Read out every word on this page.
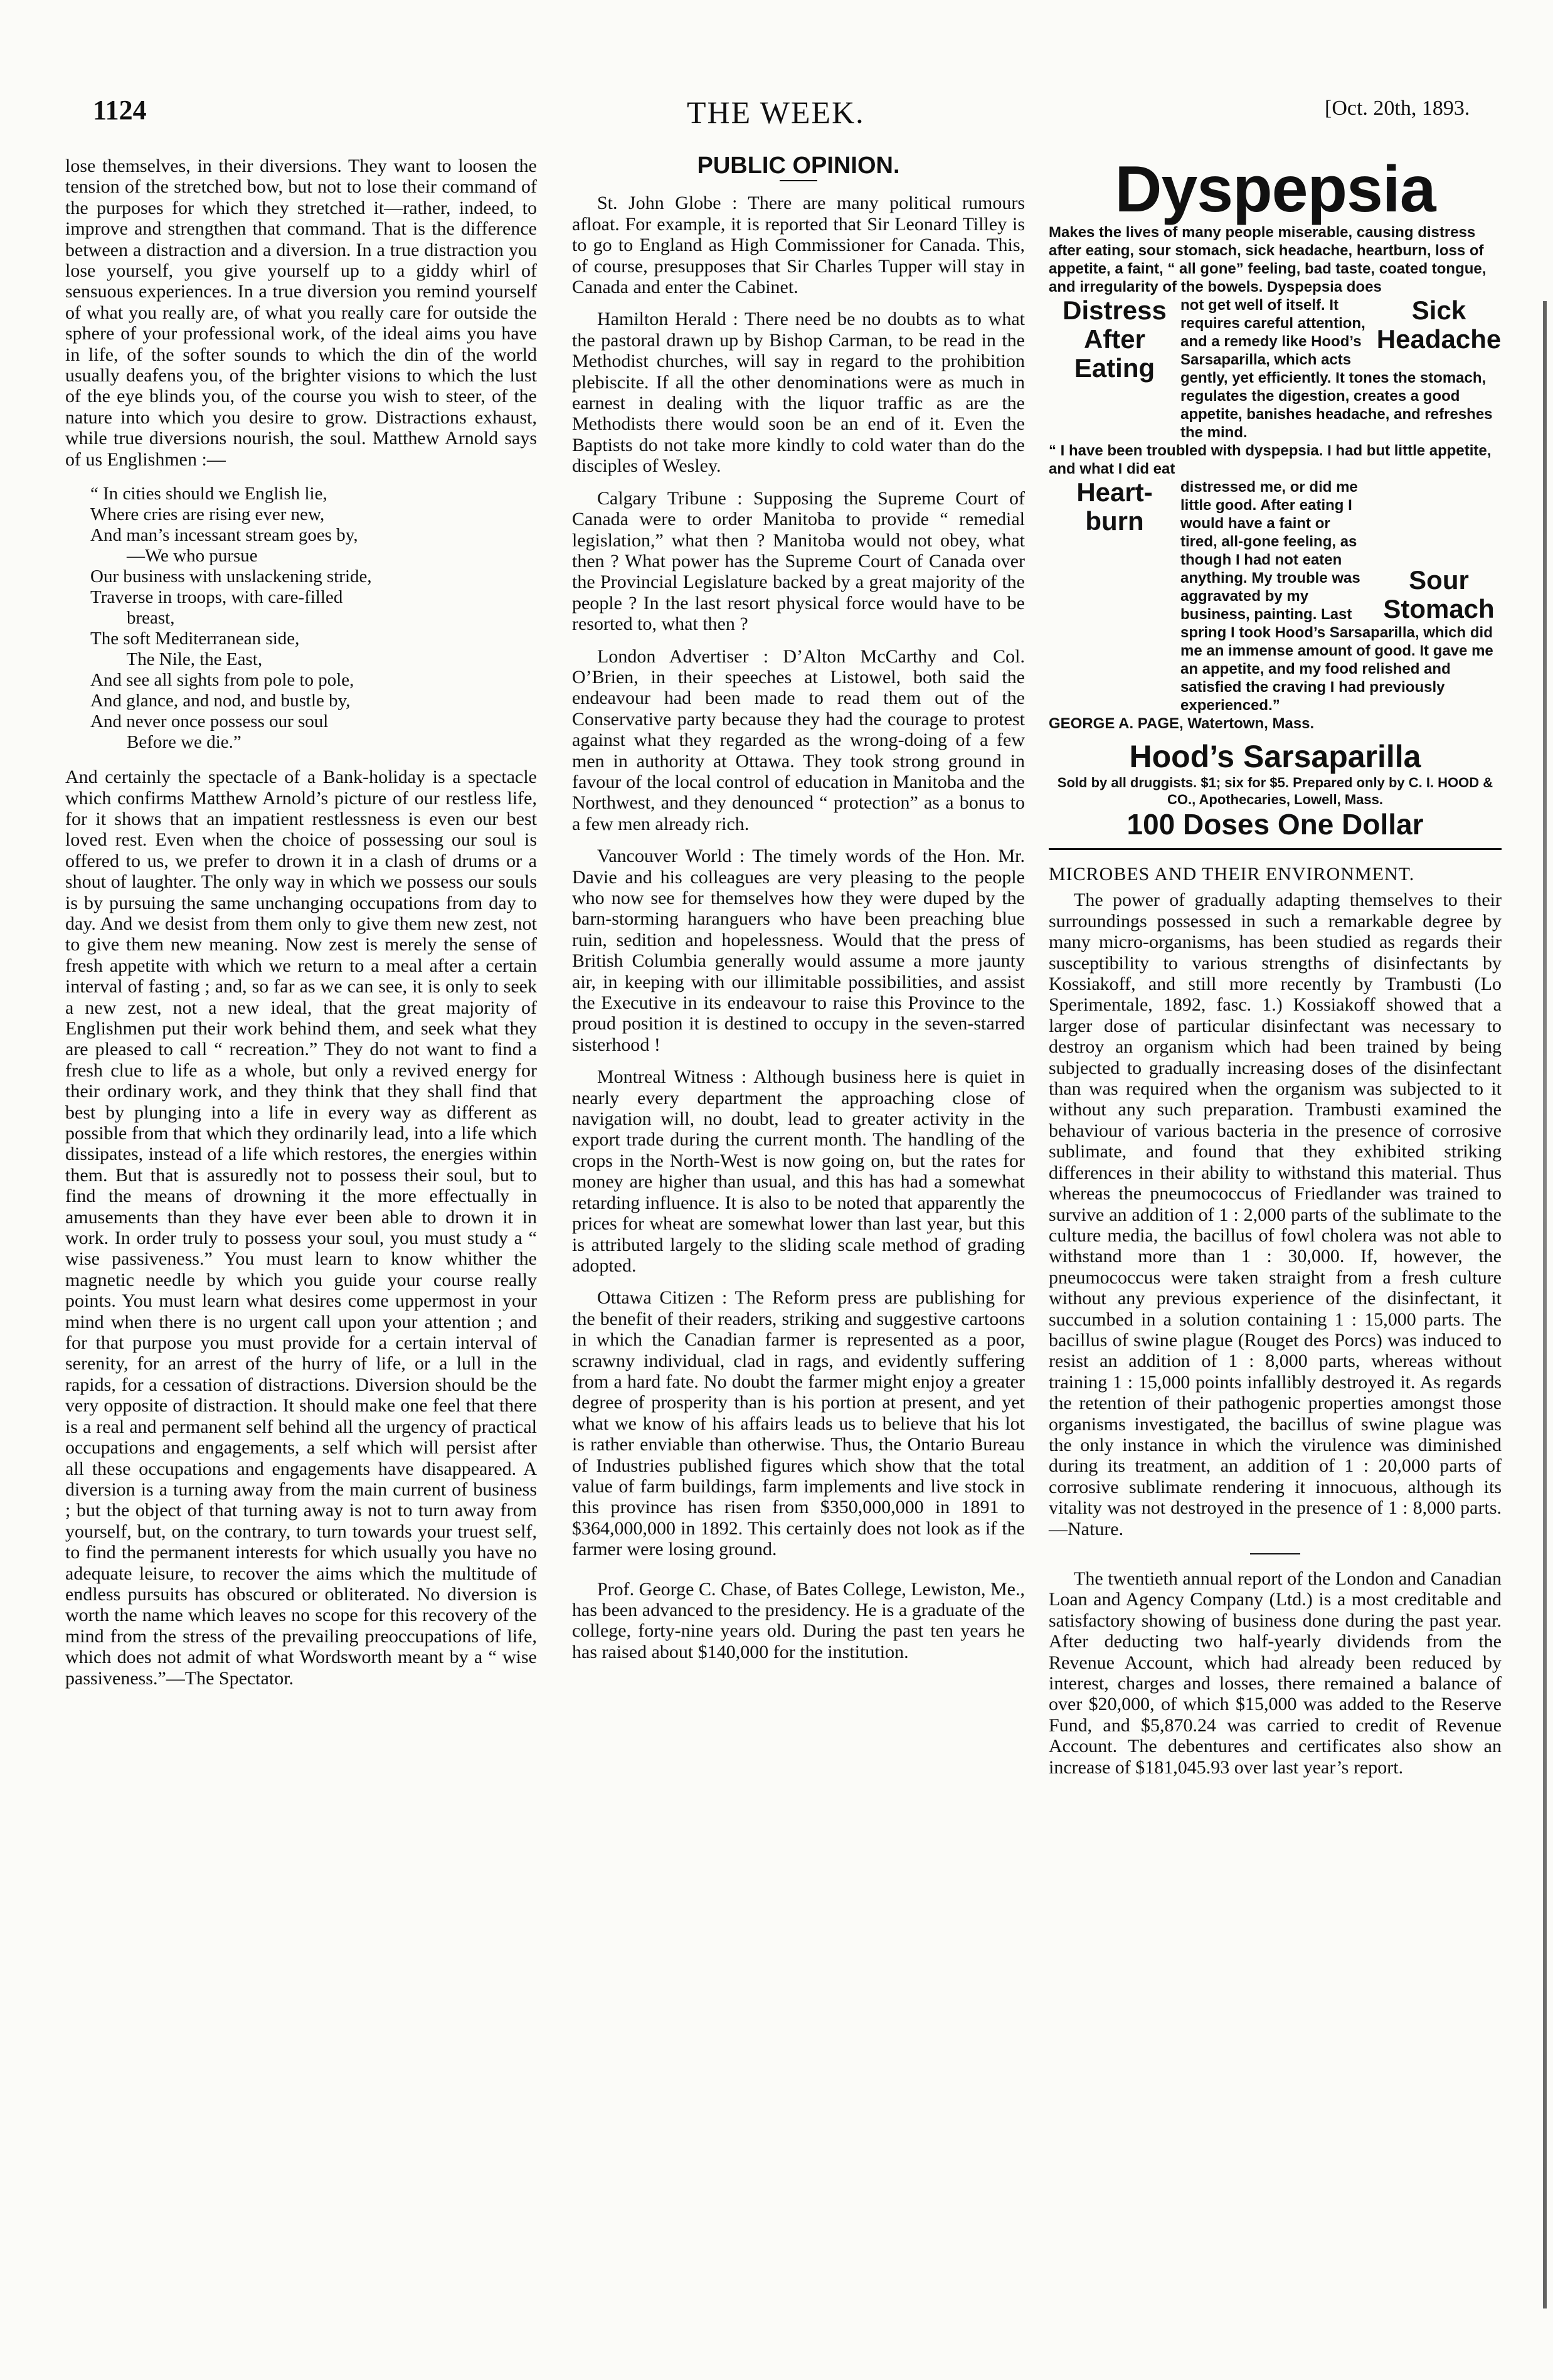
1124	THE WEEK.	[Oct. 20th, 1893.

lose themselves, in their diversions. They want to loosen the tension of the stretched bow, but not to lose their command of the purposes for which they stretched it—rather, indeed, to improve and strengthen that command. That is the difference between a distraction and a diversion. In a true distraction you lose yourself, you give yourself up to a giddy whirl of sensuous experiences. In a true diversion you remind yourself of what you really are, of what you really care for outside the sphere of your professional work, of the ideal aims you have in life, of the softer sounds to which the din of the world usually deafens you, of the brighter visions to which the lust of the eye blinds you, of the course you wish to steer, of the nature into which you desire to grow. Distractions exhaust, while true diversions nourish, the soul. Matthew Arnold says of us Englishmen :—

“ In cities should we English lie,
Where cries are rising ever new,
And man’s incessant stream goes by,
—We who pursue
Our business with unslackening stride,
Traverse in troops, with care-filled
breast,
The soft Mediterranean side,
The Nile, the East,
And see all sights from pole to pole,
And glance, and nod, and bustle by,
And never once possess our soul
Before we die.”

And certainly the spectacle of a Bank-holiday is a spectacle which confirms Matthew Arnold’s picture of our restless life, for it shows that an impatient restlessness is even our best loved rest. Even when the choice of possessing our soul is offered to us, we prefer to drown it in a clash of drums or a shout of laughter. The only way in which we possess our souls is by pursuing the same unchanging occupations from day to day. And we desist from them only to give them new zest, not to give them new meaning. Now zest is merely the sense of fresh appetite with which we return to a meal after a certain interval of fasting ; and, so far as we can see, it is only to seek a new zest, not a new ideal, that the great majority of Englishmen put their work behind them, and seek what they are pleased to call “ recreation.” They do not want to find a fresh clue to life as a whole, but only a revived energy for their ordinary work, and they think that they shall find that best by plunging into a life in every way as different as possible from that which they ordinarily lead, into a life which dissipates, instead of a life which restores, the energies within them. But that is assuredly not to possess their soul, but to find the means of drowning it the more effectually in amusements than they have ever been able to drown it in work. In order truly to possess your soul, you must study a “ wise passiveness.” You must learn to know whither the magnetic needle by which you guide your course really points. You must learn what desires come uppermost in your mind when there is no urgent call upon your attention ; and for that purpose you must provide for a certain interval of serenity, for an arrest of the hurry of life, or a lull in the rapids, for a cessation of distractions. Diversion should be the very opposite of distraction. It should make one feel that there is a real and permanent self behind all the urgency of practical occupations and engagements, a self which will persist after all these occupations and engagements have disappeared. A diversion is a turning away from the main current of business ; but the object of that turning away is not to turn away from yourself, but, on the contrary, to turn towards your truest self, to find the permanent interests for which usually you have no adequate leisure, to recover the aims which the multitude of endless pursuits has obscured or obliterated. No diversion is worth the name which leaves no scope for this recovery of the mind from the stress of the prevailing preoccupations of life, which does not admit of what Wordsworth meant by a “ wise passiveness.”—The Spectator.

PUBLIC OPINION.

St. John Globe : There are many political rumours afloat. For example, it is reported that Sir Leonard Tilley is to go to England as High Commissioner for Canada. This, of course, presupposes that Sir Charles Tupper will stay in Canada and enter the Cabinet.

Hamilton Herald : There need be no doubts as to what the pastoral drawn up by Bishop Carman, to be read in the Methodist churches, will say in regard to the prohibition plebiscite. If all the other denominations were as much in earnest in dealing with the liquor traffic as are the Methodists there would soon be an end of it. Even the Baptists do not take more kindly to cold water than do the disciples of Wesley.

Calgary Tribune : Supposing the Supreme Court of Canada were to order Manitoba to provide “ remedial legislation,” what then ? Manitoba would not obey, what then ? What power has the Supreme Court of Canada over the Provincial Legislature backed by a great majority of the people ? In the last resort physical force would have to be resorted to, what then ?

London Advertiser : D’Alton McCarthy and Col. O’Brien, in their speeches at Listowel, both said the endeavour had been made to read them out of the Conservative party because they had the courage to protest against what they regarded as the wrong-doing of a few men in authority at Ottawa. They took strong ground in favour of the local control of education in Manitoba and the Northwest, and they denounced “ protection” as a bonus to a few men already rich.

Vancouver World : The timely words of the Hon. Mr. Davie and his colleagues are very pleasing to the people who now see for themselves how they were duped by the barn-storming haranguers who have been preaching blue ruin, sedition and hopelessness. Would that the press of British Columbia generally would assume a more jaunty air, in keeping with our illimitable possibilities, and assist the Executive in its endeavour to raise this Province to the proud position it is destined to occupy in the seven-starred sisterhood !

Montreal Witness : Although business here is quiet in nearly every department the approaching close of navigation will, no doubt, lead to greater activity in the export trade during the current month. The handling of the crops in the North-West is now going on, but the rates for money are higher than usual, and this has had a somewhat retarding influence. It is also to be noted that apparently the prices for wheat are somewhat lower than last year, but this is attributed largely to the sliding scale method of grading adopted.

Ottawa Citizen : The Reform press are publishing for the benefit of their readers, striking and suggestive cartoons in which the Canadian farmer is represented as a poor, scrawny individual, clad in rags, and evidently suffering from a hard fate. No doubt the farmer might enjoy a greater degree of prosperity than is his portion at present, and yet what we know of his affairs leads us to believe that his lot is rather enviable than otherwise. Thus, the Ontario Bureau of Industries published figures which show that the total value of farm buildings, farm implements and live stock in this province has risen from $350,000,000 in 1891 to $364,000,000 in 1892. This certainly does not look as if the farmer were losing ground.

Prof. George C. Chase, of Bates College, Lewiston, Me., has been advanced to the presidency. He is a graduate of the college, forty-nine years old. During the past ten years he has raised about $140,000 for the institution.

Dyspepsia
Makes the lives of many people miserable, causing distress after eating, sour stomach, sick headache, heartburn, loss of appetite, a faint, “ all gone” feeling, bad taste, coated tongue, and irregularity of the bowels. Dyspepsia does
Distress After Eating
Sick Headache
not get well of itself. It requires careful attention, and a remedy like Hood’s Sarsaparilla, which acts gently, yet efficiently. It tones the stomach, regulates the digestion, creates a good appetite, banishes headache, and refreshes the mind.
“ I have been troubled with dyspepsia. I had but little appetite, and what I did eat
Heart-burn
Sour Stomach
distressed me, or did me little good. After eating I would have a faint or tired, all-gone feeling, as though I had not eaten anything. My trouble was aggravated by my business, painting. Last spring I took Hood’s Sarsaparilla, which did me an immense amount of good. It gave me an appetite, and my food relished and satisfied the craving I had previously experienced.”
GEORGE A. PAGE, Watertown, Mass.
Hood’s Sarsaparilla
Sold by all druggists. $1; six for $5. Prepared only by C. I. HOOD & CO., Apothecaries, Lowell, Mass.
100 Doses One Dollar
MICROBES AND THEIR ENVIRONMENT.

The power of gradually adapting themselves to their surroundings possessed in such a remarkable degree by many micro-organisms, has been studied as regards their susceptibility to various strengths of disinfectants by Kossiakoff, and still more recently by Trambusti (Lo Sperimentale, 1892, fasc. 1.) Kossiakoff showed that a larger dose of particular disinfectant was necessary to destroy an organism which had been trained by being subjected to gradually increasing doses of the disinfectant than was required when the organism was subjected to it without any such preparation. Trambusti examined the behaviour of various bacteria in the presence of corrosive sublimate, and found that they exhibited striking differences in their ability to withstand this material. Thus whereas the pneumococcus of Friedlander was trained to survive an addition of 1 : 2,000 parts of the sublimate to the culture media, the bacillus of fowl cholera was not able to withstand more than 1 : 30,000. If, however, the pneumococcus were taken straight from a fresh culture without any previous experience of the disinfectant, it succumbed in a solution containing 1 : 15,000 parts. The bacillus of swine plague (Rouget des Porcs) was induced to resist an addition of 1 : 8,000 parts, whereas without training 1 : 15,000 points infallibly destroyed it. As regards the retention of their pathogenic properties amongst those organisms investigated, the bacillus of swine plague was the only instance in which the virulence was diminished during its treatment, an addition of 1 : 20,000 parts of corrosive sublimate rendering it innocuous, although its vitality was not destroyed in the presence of 1 : 8,000 parts.—Nature.

The twentieth annual report of the London and Canadian Loan and Agency Company (Ltd.) is a most creditable and satisfactory showing of business done during the past year. After deducting two half-yearly dividends from the Revenue Account, which had already been reduced by interest, charges and losses, there remained a balance of over $20,000, of which $15,000 was added to the Reserve Fund, and $5,870.24 was carried to credit of Revenue Account. The debentures and certificates also show an increase of $181,045.93 over last year’s report.
